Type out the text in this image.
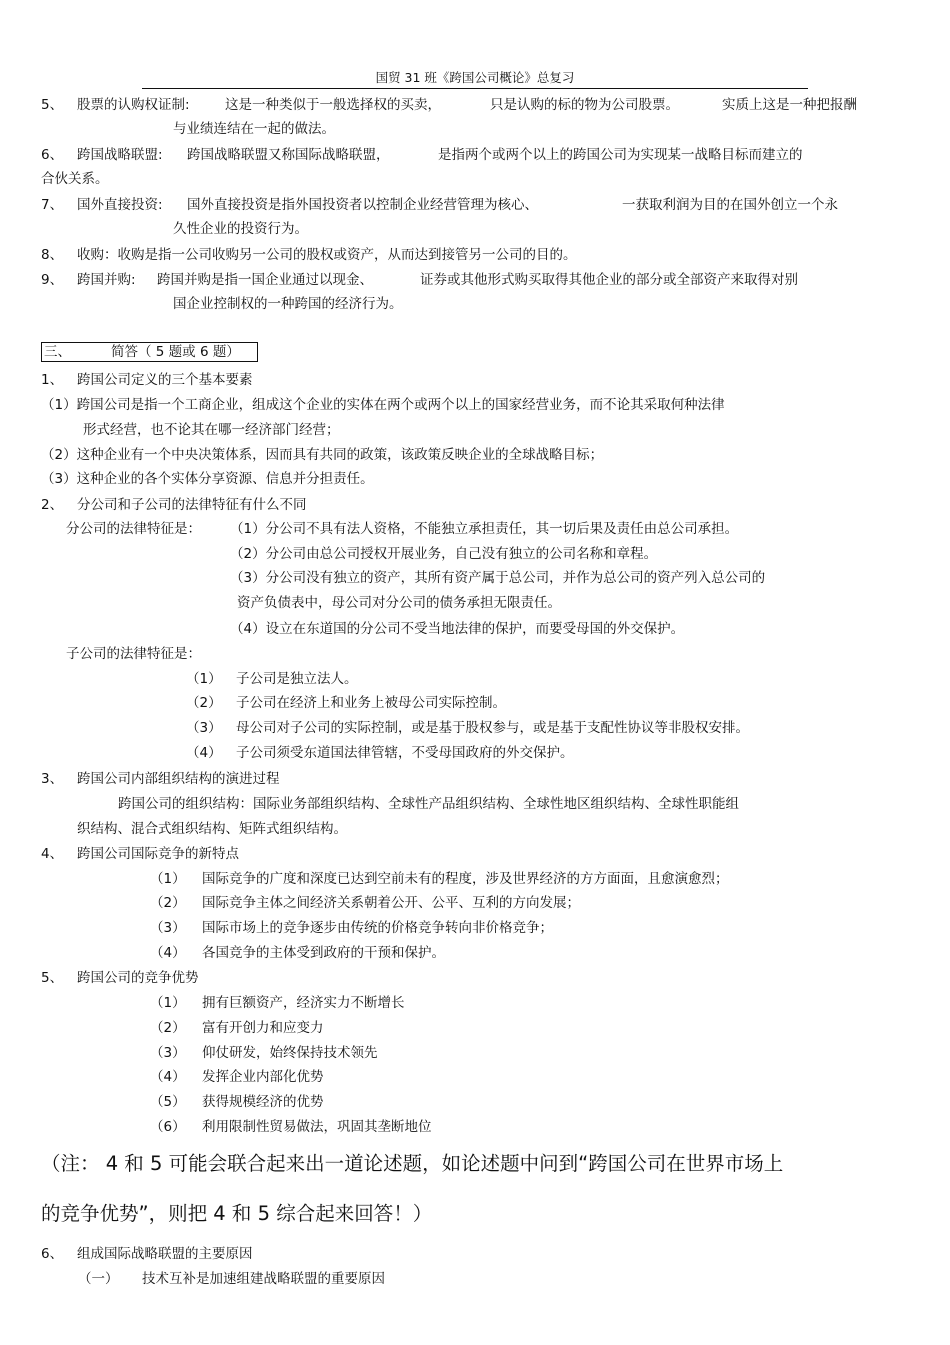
国贸 31 班《跨国公司概论》总复习
5、 股票的认购权证制:	这是一种类似于一般选择权的买卖，	只是认购的标的物为公司股票。	实质上这是一种把报酬
与业绩连结在一起的做法。
6、 跨国战略联盟: 跨国战略联盟又称国际战略联盟，	是指两个或两个以上的跨国公司为实现某一战略目标而建立的
合伙关系。
7、 国外直接投资: 国外直接投资是指外国投资者以控制企业经营管理为核心、	一获取利润为目的在国外创立一个永
久性企业的投资行为。
8、 收购：收购是指一公司收购另一公司的股权或资产，从而达到接管另一公司的目的。
9、 跨国并购: 跨国并购是指一国企业通过以现金、	证券或其他形式购买取得其他企业的部分或全部资产来取得对别
国企业控制权的一种跨国的经济行为。
三、	简答（ 5 题或 6 题）
1、 跨国公司定义的三个基本要素
（1）跨国公司是指一个工商企业，组成这个企业的实体在两个或两个以上的国家经营业务，而不论其采取何种法律
形式经营，也不论其在哪一经济部门经营；
（2）这种企业有一个中央决策体系，因而具有共同的政策，该政策反映企业的全球战略目标；
（3）这种企业的各个实体分享资源、信息并分担责任。
2、 分公司和子公司的法律特征有什么不同
分公司的法律特征是： （1）分公司不具有法人资格，不能独立承担责任，其一切后果及责任由总公司承担。
（2）分公司由总公司授权开展业务，自己没有独立的公司名称和章程。
（3）分公司没有独立的资产，其所有资产属于总公司，并作为总公司的资产列入总公司的
资产负债表中，母公司对分公司的债务承担无限责任。
（4）设立在东道国的分公司不受当地法律的保护，而要受母国的外交保护。
子公司的法律特征是：
（1） 子公司是独立法人。
（2） 子公司在经济上和业务上被母公司实际控制。
（3） 母公司对子公司的实际控制，或是基于股权参与，或是基于支配性协议等非股权安排。
（4） 子公司须受东道国法律管辖，不受母国政府的外交保护。
3、 跨国公司内部组织结构的演进过程
跨国公司的组织结构：国际业务部组织结构、全球性产品组织结构、全球性地区组织结构、全球性职能组
织结构、混合式组织结构、矩阵式组织结构。
4、 跨国公司国际竞争的新特点
（1） 国际竞争的广度和深度已达到空前未有的程度，涉及世界经济的方方面面，且愈演愈烈；
（2） 国际竞争主体之间经济关系朝着公开、公平、互利的方向发展；
（3） 国际市场上的竞争逐步由传统的价格竞争转向非价格竞争；
（4） 各国竞争的主体受到政府的干预和保护。
5、 跨国公司的竞争优势
（1） 拥有巨额资产，经济实力不断增长
（2） 富有开创力和应变力
（3） 仰仗研发，始终保持技术领先
（4） 发挥企业内部化优势
（5） 获得规模经济的优势
（6） 利用限制性贸易做法，巩固其垄断地位
（注： 4 和 5 可能会联合起来出一道论述题，如论述题中问到“跨国公司在世界市场上
的竞争优势”，则把 4 和 5 综合起来回答！）
6、 组成国际战略联盟的主要原因
（一） 技术互补是加速组建战略联盟的重要原因
